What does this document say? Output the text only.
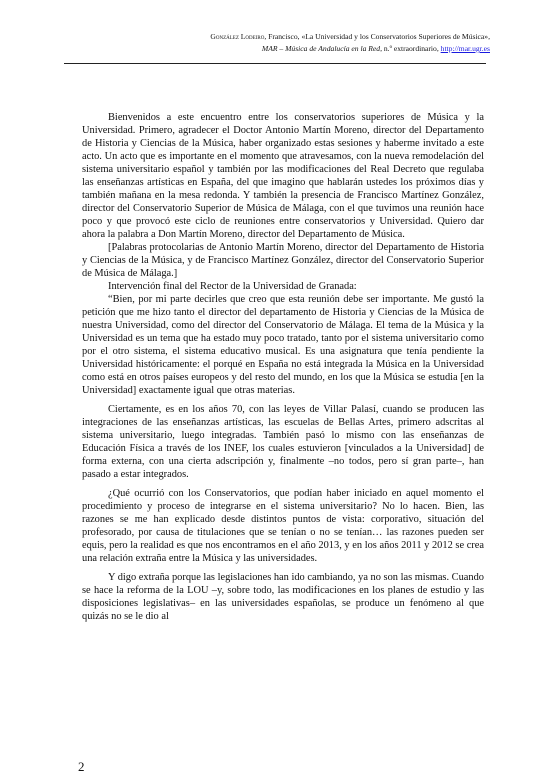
González Lodeiro, Francisco, «La Universidad y los Conservatorios Superiores de Música»,
MAR – Música de Andalucía en la Red, n.º extraordinario, http://mar.ugr.es

Bienvenidos a este encuentro entre los conservatorios superiores de Música y la Universidad. Primero, agradecer el Doctor Antonio Martín Moreno, director del Departamento de Historia y Ciencias de la Música, haber organizado estas sesiones y haberme invitado a este acto. Un acto que es importante en el momento que atravesamos, con la nueva remodelación del sistema universitario español y también por las modificaciones del Real Decreto que regulaba las enseñanzas artísticas en España, del que imagino que hablarán ustedes los próximos días y también mañana en la mesa redonda. Y también la presencia de Francisco Martínez González, director del Conservatorio Superior de Música de Málaga, con el que tuvimos una reunión hace poco y que provocó este ciclo de reuniones entre conservatorios y Universidad. Quiero dar ahora la palabra a Don Martín Moreno, director del Departamento de Música.

[Palabras protocolarias de Antonio Martín Moreno, director del Departamento de Historia y Ciencias de la Música, y de Francisco Martínez González, director del Conservatorio Superior de Música de Málaga.]

Intervención final del Rector de la Universidad de Granada:

“Bien, por mi parte decirles que creo que esta reunión debe ser importante. Me gustó la petición que me hizo tanto el director del departamento de Historia y Ciencias de la Música de nuestra Universidad, como del director del Conservatorio de Málaga. El tema de la Música y la Universidad es un tema que ha estado muy poco tratado, tanto por el sistema universitario como por el otro sistema, el sistema educativo musical. Es una asignatura que tenía pendiente la Universidad históricamente: el porqué en España no está integrada la Música en la Universidad como está en otros países europeos y del resto del mundo, en los que la Música se estudia [en la Universidad] exactamente igual que otras materias.

Ciertamente, es en los años 70, con las leyes de Villar Palasí, cuando se producen las integraciones de las enseñanzas artísticas, las escuelas de Bellas Artes, primero adscritas al sistema universitario, luego integradas. También pasó lo mismo con las enseñanzas de Educación Física a través de los INEF, los cuales estuvieron [vinculados a la Universidad] de forma externa, con una cierta adscripción y, finalmente –no todos, pero sí gran parte–, han pasado a estar integrados.

¿Qué ocurrió con los Conservatorios, que podían haber iniciado en aquel momento el procedimiento y proceso de integrarse en el sistema universitario? No lo hacen. Bien, las razones se me han explicado desde distintos puntos de vista: corporativo, situación del profesorado, por causa de titulaciones que se tenían o no se tenían… las razones pueden ser equis, pero la realidad es que nos encontramos en el año 2013, y en los años 2011 y 2012 se crea una relación extraña entre la Música y las universidades.

Y digo extraña porque las legislaciones han ido cambiando, ya no son las mismas. Cuando se hace la reforma de la LOU –y, sobre todo, las modificaciones en los planes de estudio y las disposiciones legislativas– en las universidades españolas, se produce un fenómeno al que quizás no se le dio al

2
